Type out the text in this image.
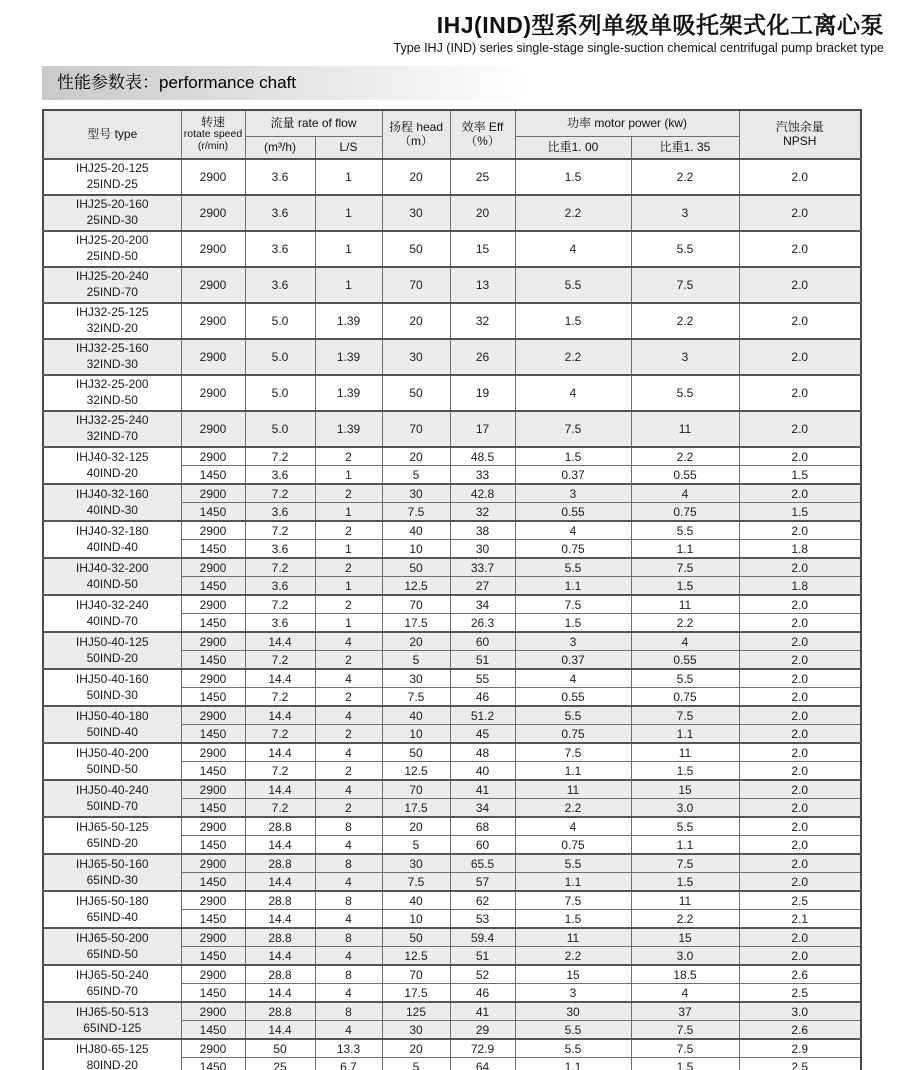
IHJ(IND)型系列单级单吸托架式化工离心泵
Type IHJ (IND) series single-stage single-suction chemical centrifugal pump bracket type
性能参数表：performance chaft
型号 type	
转速
rotate speed
(r/min)
	流量 rate of flow	扬程 head
（m）

效率 Eff
（%）
	功率 motor power (kw)	汽蚀余量
NPSH

		(m³/h)	L/S			比重1. 00	比重1. 35	

IHJ25-20-125
25IND-25	2900	3.6	1	20	25	1.5	2.2	2.0

IHJ25-20-160
25IND-30	2900	3.6	1	30	20	2.2	3	2.0

IHJ25-20-200
25IND-50	2900	3.6	1	50	15	4	5.5	2.0

IHJ25-20-240
25IND-70	2900	3.6	1	70	13	5.5	7.5	2.0

IHJ32-25-125
32IND-20	2900	5.0	1.39	20	32	1.5	2.2	2.0

IHJ32-25-160
32IND-30	2900	5.0	1.39	30	26	2.2	3	2.0

IHJ32-25-200
32IND-50	2900	5.0	1.39	50	19	4	5.5	2.0

IHJ32-25-240
32IND-70	2900	5.0	1.39	70	17	7.5	11	2.0

IHJ40-32-125
40IND-20	2900	7.2	2	20	48.5	1.5	2.2	2.0
	1450	3.6	1	5	33	0.37	0.55	1.5

IHJ40-32-160
40IND-30	2900	7.2	2	30	42.8	3	4	2.0
	1450	3.6	1	7.5	32	0.55	0.75	1.5

IHJ40-32-180
40IND-40	2900	7.2	2	40	38	4	5.5	2.0
	1450	3.6	1	10	30	0.75	1.1	1.8

IHJ40-32-200
40IND-50	2900	7.2	2	50	33.7	5.5	7.5	2.0
	1450	3.6	1	12.5	27	1.1	1.5	1.8

IHJ40-32-240
40IND-70	2900	7.2	2	70	34	7.5	11	2.0
	1450	3.6	1	17.5	26.3	1.5	2.2	2.0

IHJ50-40-125
50IND-20	2900	14.4	4	20	60	3	4	2.0
	1450	7.2	2	5	51	0.37	0.55	2.0

IHJ50-40-160
50IND-30	2900	14.4	4	30	55	4	5.5	2.0
	1450	7.2	2	7.5	46	0.55	0.75	2.0

IHJ50-40-180
50IND-40	2900	14.4	4	40	51.2	5.5	7.5	2.0
	1450	7.2	2	10	45	0.75	1.1	2.0

IHJ50-40-200
50IND-50	2900	14.4	4	50	48	7.5	11	2.0
	1450	7.2	2	12.5	40	1.1	1.5	2.0

IHJ50-40-240
50IND-70	2900	14.4	4	70	41	11	15	2.0
	1450	7.2	2	17.5	34	2.2	3.0	2.0

IHJ65-50-125
65IND-20	2900	28.8	8	20	68	4	5.5	2.0
	1450	14.4	4	5	60	0.75	1.1	2.0

IHJ65-50-160
65IND-30	2900	28.8	8	30	65.5	5.5	7.5	2.0
	1450	14.4	4	7.5	57	1.1	1.5	2.0

IHJ65-50-180
65IND-40	2900	28.8	8	40	62	7.5	11	2.5
	1450	14.4	4	10	53	1.5	2.2	2.1

IHJ65-50-200
65IND-50	2900	28.8	8	50	59.4	11	15	2.0
	1450	14.4	4	12.5	51	2.2	3.0	2.0

IHJ65-50-240
65IND-70	2900	28.8	8	70	52	15	18.5	2.6
	1450	14.4	4	17.5	46	3	4	2.5

IHJ65-50-513
65IND-125	2900	28.8	8	125	41	30	37	3.0
	1450	14.4	4	30	29	5.5	7.5	2.6

IHJ80-65-125
80IND-20	2900	50	13.3	20	72.9	5.5	7.5	2.9
	1450	25	6.7	5	64	1.1	1.5	2.5
